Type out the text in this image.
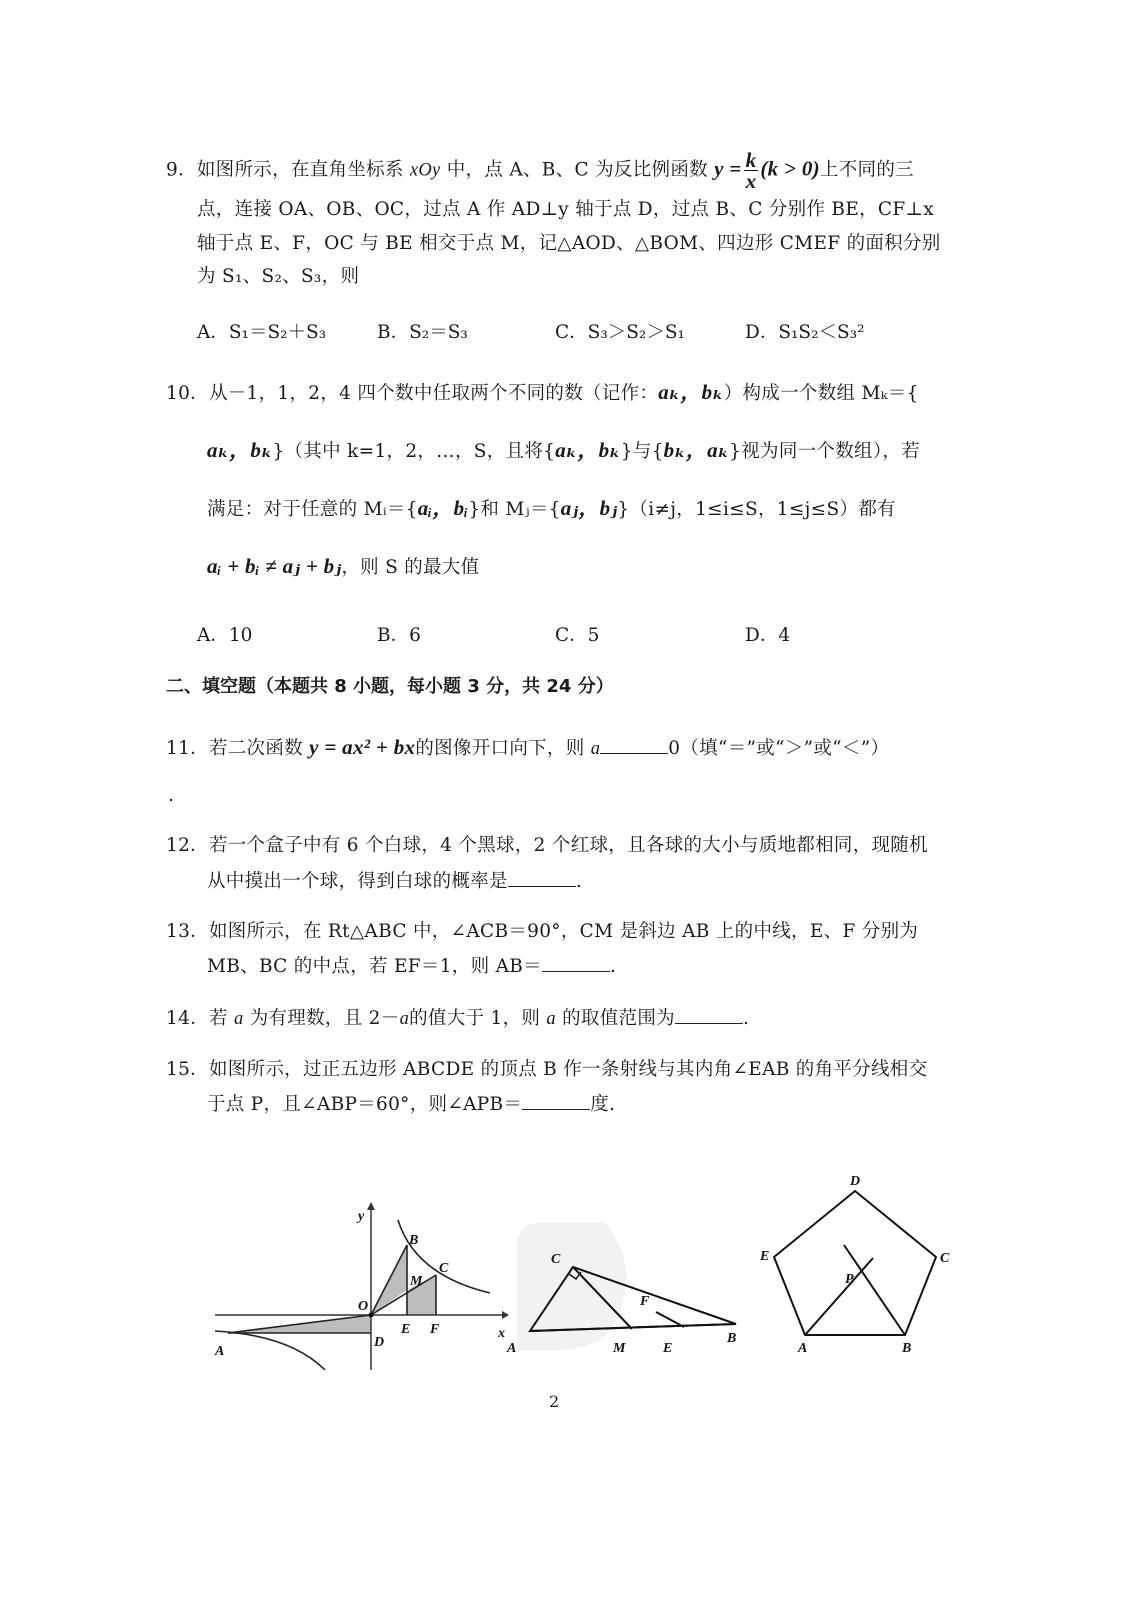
9．如图所示，在直角坐标系 xOy 中，点 A、B、C 为反比例函数 $y = \frac{k}{x} (k > 0)$上不同的三
点，连接 OA、OB、OC，过点 A 作 AD⊥y 轴于点 D，过点 B、C 分别作 BE，CF⊥x
轴于点 E、F，OC 与 BE 相交于点 M，记△AOD、△BOM、四边形 CMEF 的面积分别
为 S₁、S₂、S₃，则
A．S₁＝S₂＋S₃	B．S₂＝S₃	C．S₃＞S₂＞S₁	D．S₁S₂＜S₃²
10．从－1，1，2，4 四个数中任取两个不同的数（记作：aₖ，bₖ）构成一个数组 Mₖ＝{
aₖ，bₖ}（其中 k=1，2，…，S，且将{aₖ，bₖ}与{bₖ，aₖ}视为同一个数组），若
满足：对于任意的 Mᵢ＝{aᵢ，bᵢ}和 Mⱼ＝{aⱼ，bⱼ}（i≠j，1≤i≤S，1≤j≤S）都有
aᵢ + bᵢ ≠ aⱼ + bⱼ，则 S 的最大值
A．10	B．6	C．5	D．4
二、填空题（本题共 8 小题，每小题 3 分，共 24 分）
11．若二次函数 y = ax² + bx的图像开口向下，则 a	0（填“＝”或“＞”或“＜”）
.
12．若一个盒子中有 6 个白球，4 个黑球，2 个红球，且各球的大小与质地都相同，现随机
从中摸出一个球，得到白球的概率是	.
13．如图所示，在 Rt△ABC 中，∠ACB＝90°，CM 是斜边 AB 上的中线，E、F 分别为
MB、BC 的中点，若 EF＝1，则 AB＝	.
14．若 a 为有理数，且 2－a的值大于 1，则 a 的取值范围为	.
15．如图所示，过正五边形 ABCDE 的顶点 B 作一条射线与其内角∠EAB 的角平分线相交
于点 P，且∠ABP＝60°，则∠APB＝	度.
y
x
O
A
B
C
D
E F
M
C
F
A	M	E
B
D
E	C
P
A	B
2
